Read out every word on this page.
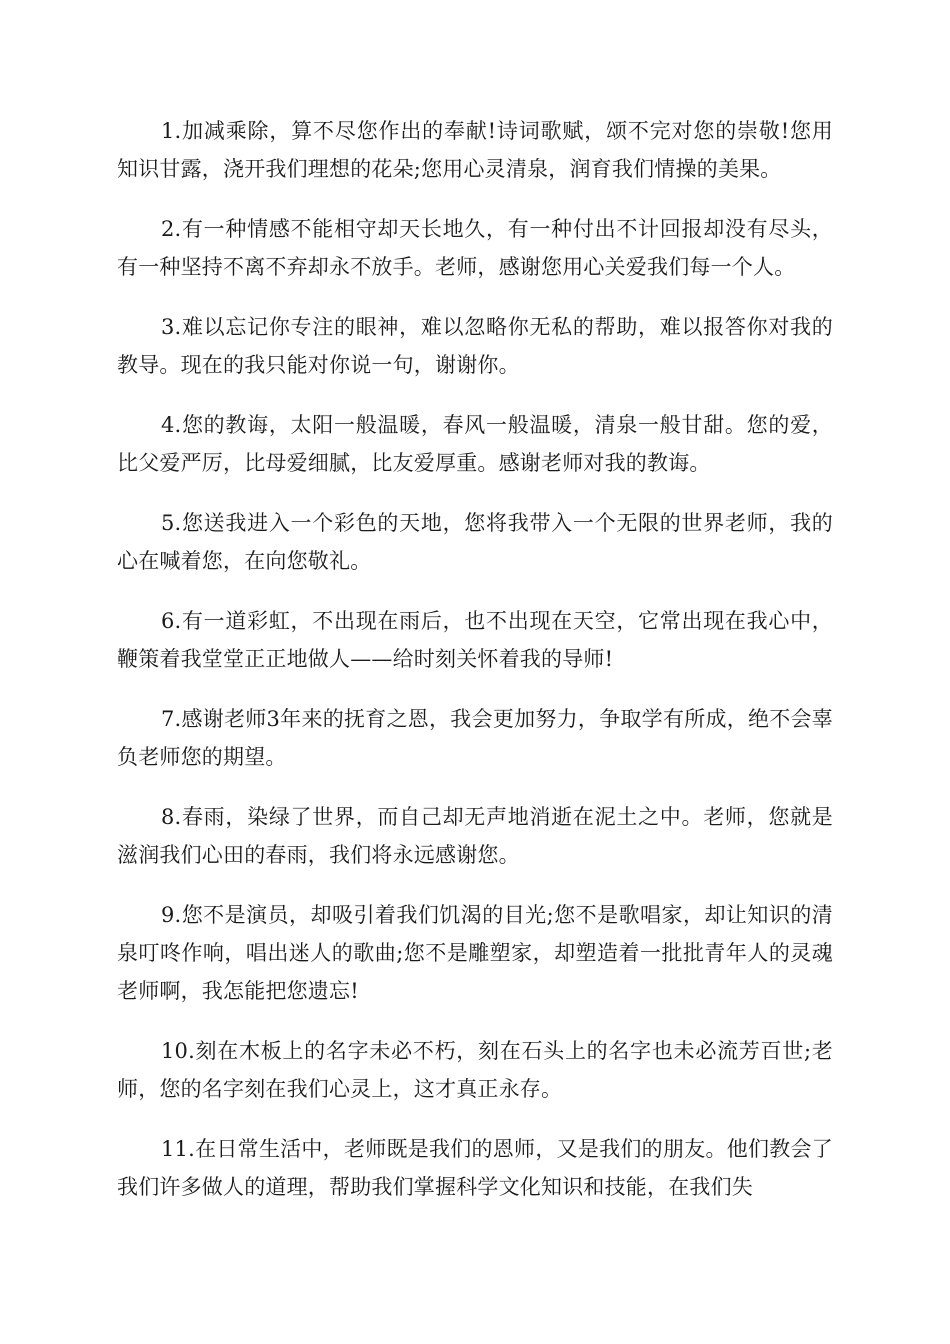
1.加减乘除，算不尽您作出的奉献!诗词歌赋，颂不完对您的崇敬!您用知识甘露，浇开我们理想的花朵;您用心灵清泉，润育我们情操的美果。

2.有一种情感不能相守却天长地久，有一种付出不计回报却没有尽头，有一种坚持不离不弃却永不放手。老师，感谢您用心关爱我们每一个人。

3.难以忘记你专注的眼神，难以忽略你无私的帮助，难以报答你对我的教导。现在的我只能对你说一句，谢谢你。

4.您的教诲，太阳一般温暖，春风一般温暖，清泉一般甘甜。您的爱，比父爱严厉，比母爱细腻，比友爱厚重。感谢老师对我的教诲。

5.您送我进入一个彩色的天地，您将我带入一个无限的世界老师，我的心在喊着您，在向您敬礼。

6.有一道彩虹，不出现在雨后，也不出现在天空，它常出现在我心中，鞭策着我堂堂正正地做人——给时刻关怀着我的导师!

7.感谢老师3年来的抚育之恩，我会更加努力，争取学有所成，绝不会辜负老师您的期望。

8.春雨，染绿了世界，而自己却无声地消逝在泥土之中。老师，您就是滋润我们心田的春雨，我们将永远感谢您。

9.您不是演员，却吸引着我们饥渴的目光;您不是歌唱家，却让知识的清泉叮咚作响，唱出迷人的歌曲;您不是雕塑家，却塑造着一批批青年人的灵魂老师啊，我怎能把您遗忘!

10.刻在木板上的名字未必不朽，刻在石头上的名字也未必流芳百世;老师，您的名字刻在我们心灵上，这才真正永存。

11.在日常生活中，老师既是我们的恩师，又是我们的朋友。他们教会了我们许多做人的道理，帮助我们掌握科学文化知识和技能，在我们失
